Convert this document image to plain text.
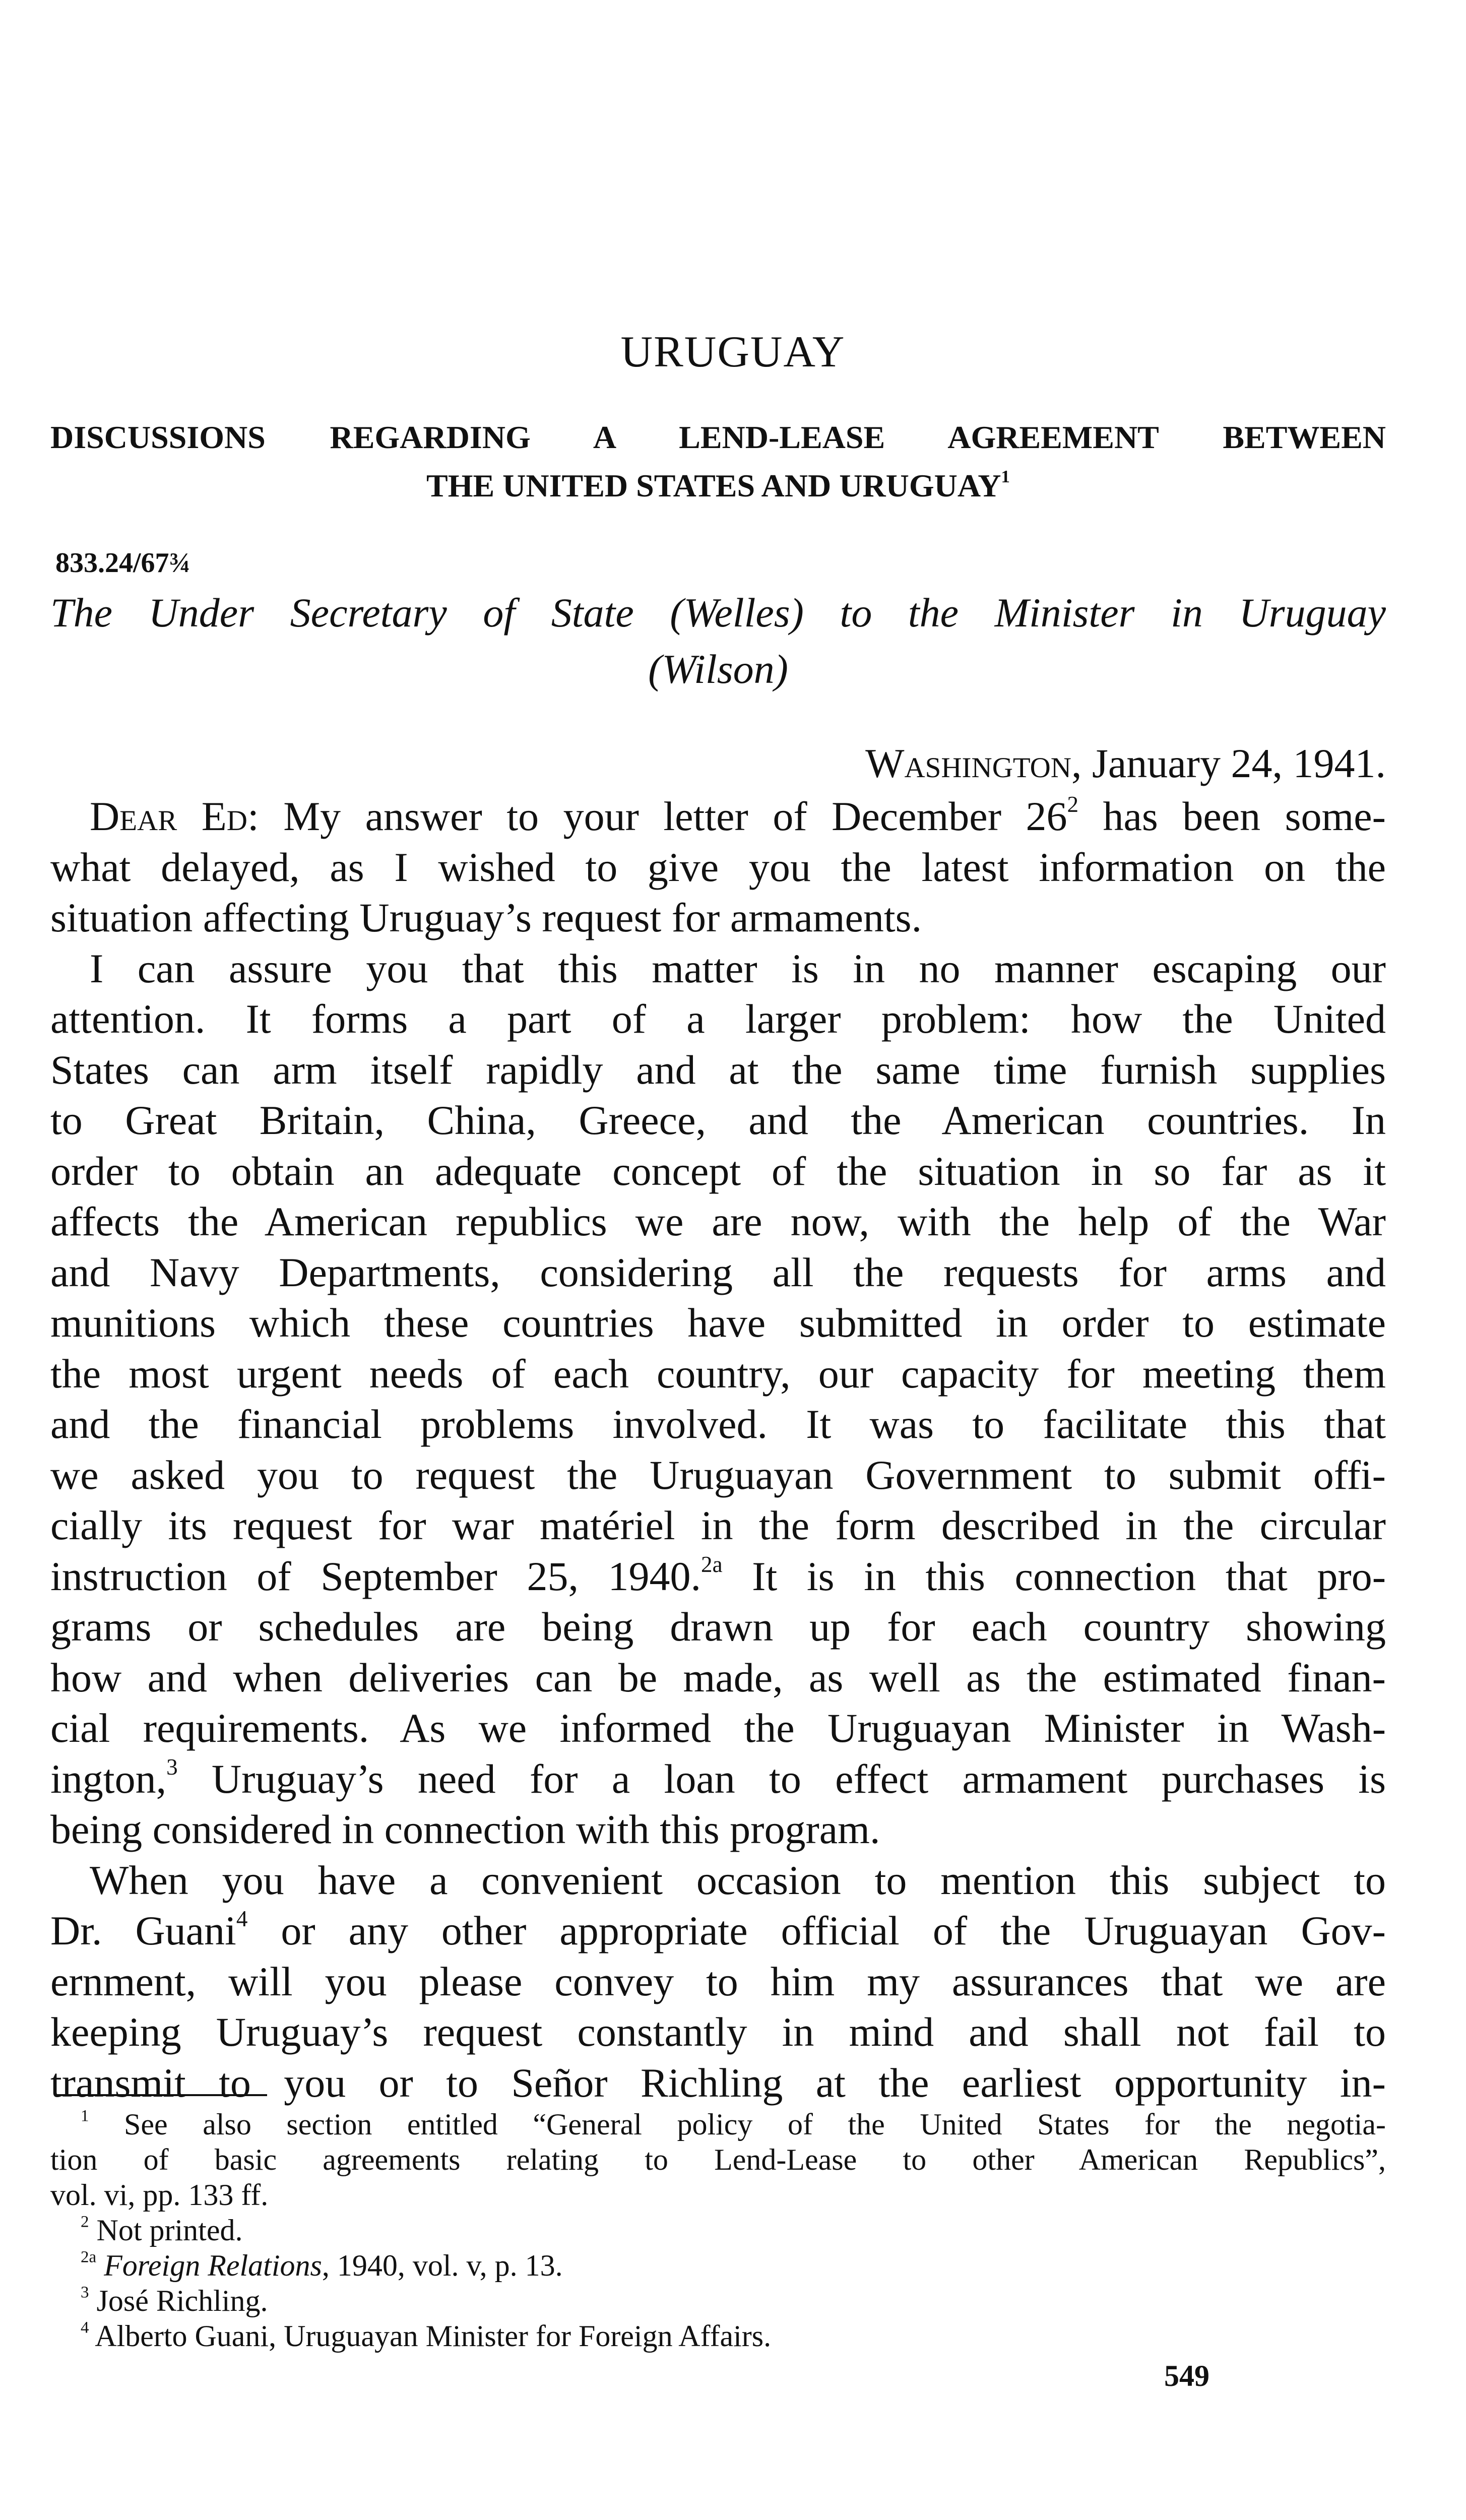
URUGUAY
DISCUSSIONS REGARDING A LEND-LEASE AGREEMENT BETWEEN
THE UNITED STATES AND URUGUAY$^1$
833.24/67¾
The Under Secretary of State (Welles) to the Minister in Uruguay
(Wilson)
Washington, January 24, 1941.
Dear Ed: My answer to your letter of December $26^2$ has been some-
what delayed, as I wished to give you the latest information on the
situation affecting Uruguay’s request for armaments.
I can assure you that this matter is in no manner escaping our
attention. It forms a part of a larger problem: how the United
States can arm itself rapidly and at the same time furnish supplies
to Great Britain, China, Greece, and the American countries. In
order to obtain an adequate concept of the situation in so far as it
affects the American republics we are now, with the help of the War
and Navy Departments, considering all the requests for arms and
munitions which these countries have submitted in order to estimate
the most urgent needs of each country, our capacity for meeting them
and the financial problems involved. It was to facilitate this that
we asked you to request the Uruguayan Government to submit offi-
cially its request for war matériel in the form described in the circular
instruction of September 25, 1940.$^{2a}$ It is in this connection that pro-
grams or schedules are being drawn up for each country showing
how and when deliveries can be made, as well as the estimated finan-
cial requirements. As we informed the Uruguayan Minister in Wash-
ington,$^3$ Uruguay’s need for a loan to effect armament purchases is
being considered in connection with this program.
When you have a convenient occasion to mention this subject to
Dr. Guani$^4$ or any other appropriate official of the Uruguayan Gov-
ernment, will you please convey to him my assurances that we are
keeping Uruguay’s request constantly in mind and shall not fail to
transmit to you or to Señor Richling at the earliest opportunity in-
$^1$ See also section entitled “General policy of the United States for the negotia-
tion of basic agreements relating to Lend-Lease to other American Republics”,
vol. vi, pp. 133 ff.
$^2$ Not printed.
$^{2a}$ Foreign Relations, 1940, vol. v, p. 13.
$^3$ José Richling.
$^4$ Alberto Guani, Uruguayan Minister for Foreign Affairs.
549
